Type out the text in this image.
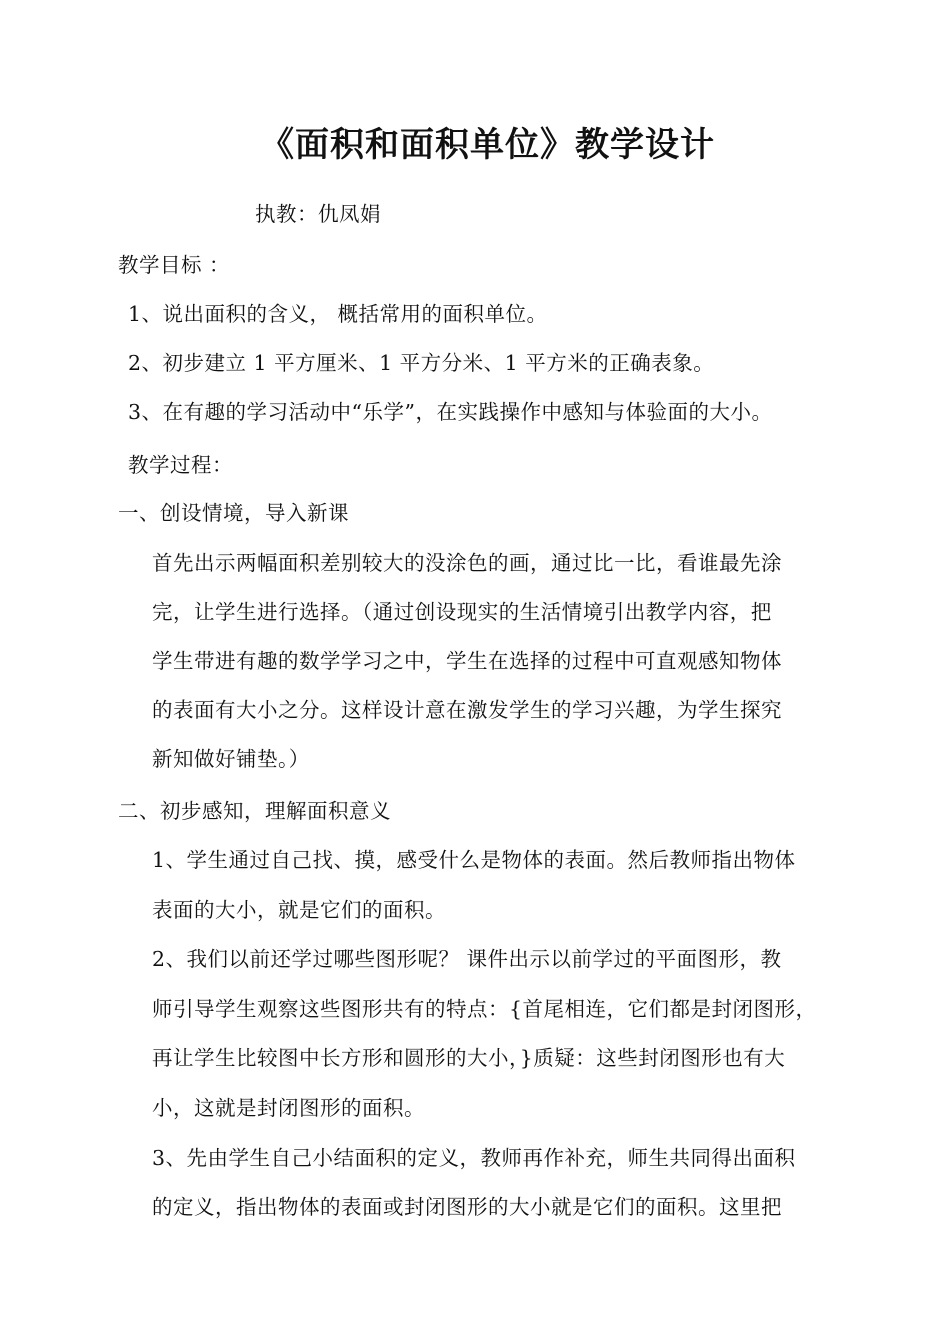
《面积和面积单位》教学设计
执教：仇凤娟
教学目标 ：
1、说出面积的含义， 概括常用的面积单位。
2、初步建立 1 平方厘米、1 平方分米、1 平方米的正确表象。
3、在有趣的学习活动中“乐学”，在实践操作中感知与体验面的大小。
教学过程：
一、创设情境，导入新课
首先出示两幅面积差别较大的没涂色的画，通过比一比，看谁最先涂
完，让学生进行选择。（通过创设现实的生活情境引出教学内容，把
学生带进有趣的数学学习之中，学生在选择的过程中可直观感知物体
的表面有大小之分。这样设计意在激发学生的学习兴趣，为学生探究
新知做好铺垫。）
二、初步感知，理解面积意义
1、学生通过自己找、摸，感受什么是物体的表面。然后教师指出物体
表面的大小，就是它们的面积。
2、我们以前还学过哪些图形呢？ 课件出示以前学过的平面图形，教
师引导学生观察这些图形共有的特点：{首尾相连，它们都是封闭图形，
再让学生比较图中长方形和圆形的大小，}质疑：这些封闭图形也有大
小，这就是封闭图形的面积。
3、先由学生自己小结面积的定义，教师再作补充，师生共同得出面积
的定义，指出物体的表面或封闭图形的大小就是它们的面积。这里把
